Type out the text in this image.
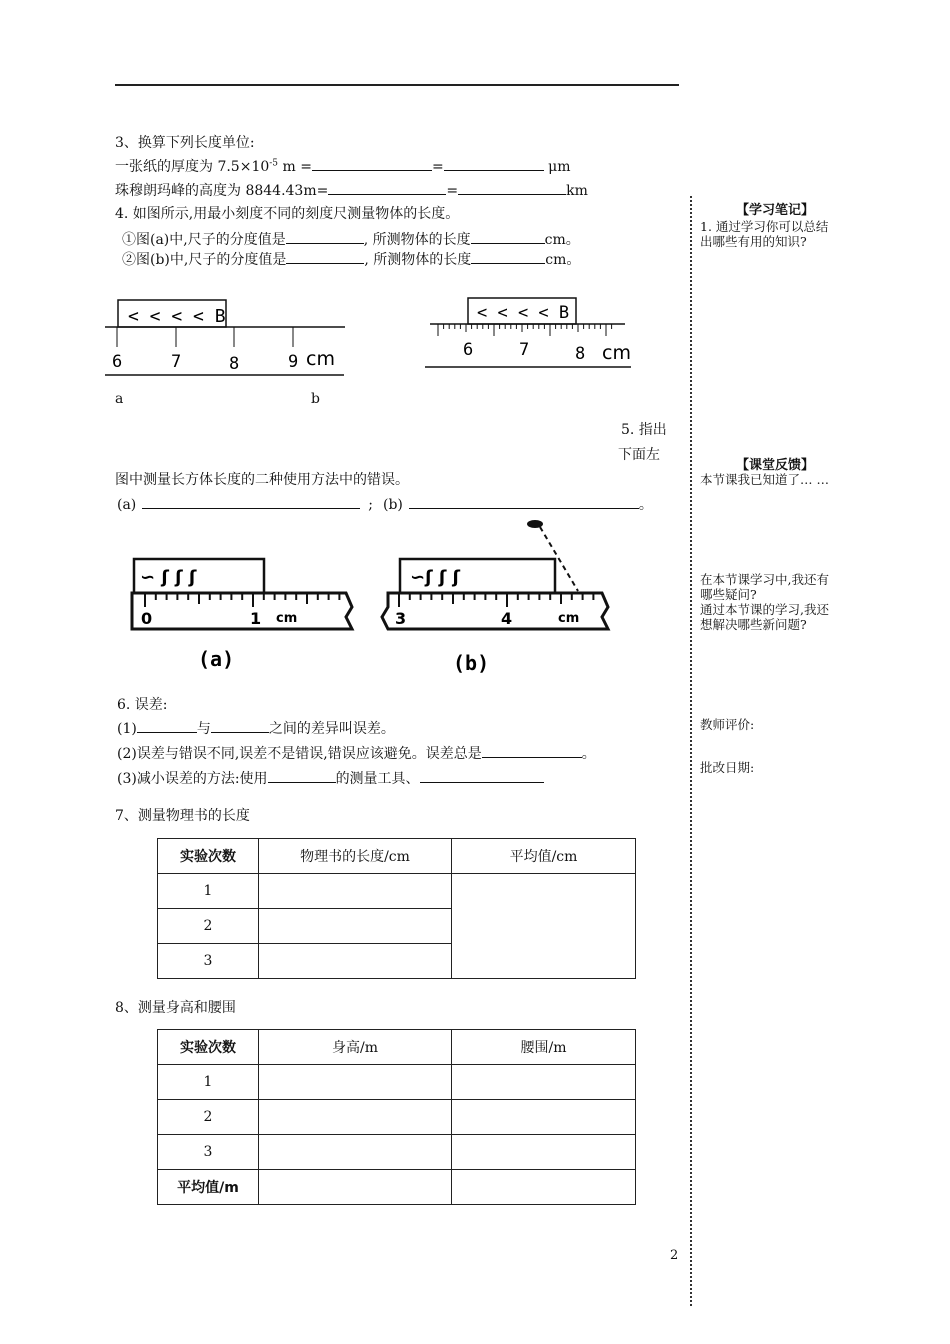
3、换算下列长度单位:
一张纸的厚度为 $7.5\times 10^{-5}$ m =	=	μm
珠穆朗玛峰的高度为 8844.43m=	=	km
4. 如图所示,用最小刻度不同的刻度尺测量物体的长度。
①图(a)中,尺子的分度值是	, 所测物体的长度	cm。
②图(b)中,尺子的分度值是	, 所测物体的长度	cm。
< < < < B
6	7	8	9 cm
a	b
< < < < B
6	7	8 cm
5. 指出
下面左
图中测量长方体长度的二种使用方法中的错误。
(a)	; (b)	。
∽ ʃ ʃ ʃ
0	1 cm
(a)
∽ʃ ʃ ʃ
3	4	cm
(b)
6. 误差:
(1)	与	之间的差异叫误差。
(2)误差与错误不同,误差不是错误,错误应该避免。误差总是	。
(3)减小误差的方法:使用	的测量工具、
7、测量物理书的长度
实验次数	物理书的长度/cm	平均值/cm
1		
2		
3		
8、测量身高和腰围
实验次数	身高/m	腰围/m
1		
2		
3		
平均值/m		
【学习笔记】
1. 通过学习你可以总结出哪些有用的知识?
【课堂反馈】
本节课我已知道了… …
在本节课学习中,我还有哪些疑问?
通过本节课的学习,我还想解决哪些新问题?
教师评价:
批改日期:
2
